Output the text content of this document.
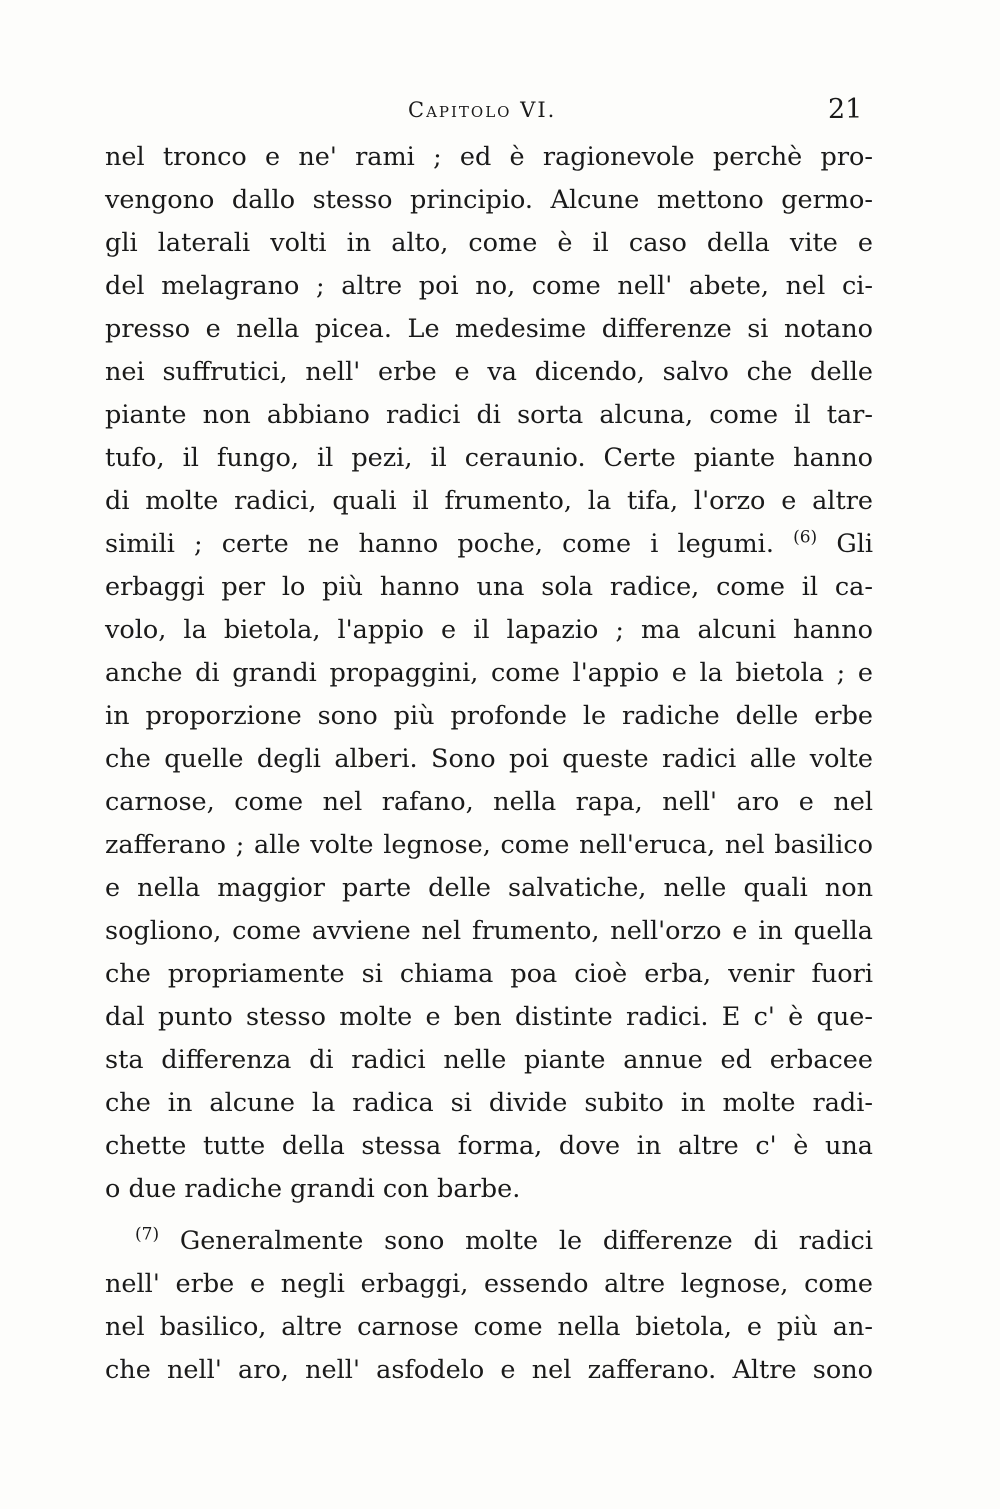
Capitolo VI.	21
nel tronco e ne' rami ; ed è ragionevole perchè pro-
vengono dallo stesso principio. Alcune mettono germo-
gli laterali volti in alto, come è il caso della vite e
del melagrano ; altre poi no, come nell' abete, nel ci-
presso e nella picea. Le medesime differenze si notano
nei suffrutici, nell' erbe e va dicendo, salvo che delle
piante non abbiano radici di sorta alcuna, come il tar-
tufo, il fungo, il pezi, il ceraunio. Certe piante hanno
di molte radici, quali il frumento, la tifa, l'orzo e altre
simili ; certe ne hanno poche, come i legumi. $^{(6)}$ Gli
erbaggi per lo più hanno una sola radice, come il ca-
volo, la bietola, l'appio e il lapazio ; ma alcuni hanno
anche di grandi propaggini, come l'appio e la bietola ; e
in proporzione sono più profonde le radiche delle erbe
che quelle degli alberi. Sono poi queste radici alle volte
carnose, come nel rafano, nella rapa, nell' aro e nel
zafferano ; alle volte legnose, come nell'eruca, nel basilico
e nella maggior parte delle salvatiche, nelle quali non
sogliono, come avviene nel frumento, nell'orzo e in quella
che propriamente si chiama poa cioè erba, venir fuori
dal punto stesso molte e ben distinte radici. E c' è que-
sta differenza di radici nelle piante annue ed erbacee
che in alcune la radica si divide subito in molte radi-
chette tutte della stessa forma, dove in altre c' è una
o due radiche grandi con barbe.
$^{(7)}$ Generalmente sono molte le differenze di radici
nell' erbe e negli erbaggi, essendo altre legnose, come
nel basilico, altre carnose come nella bietola, e più an-
che nell' aro, nell' asfodelo e nel zafferano. Altre sono
